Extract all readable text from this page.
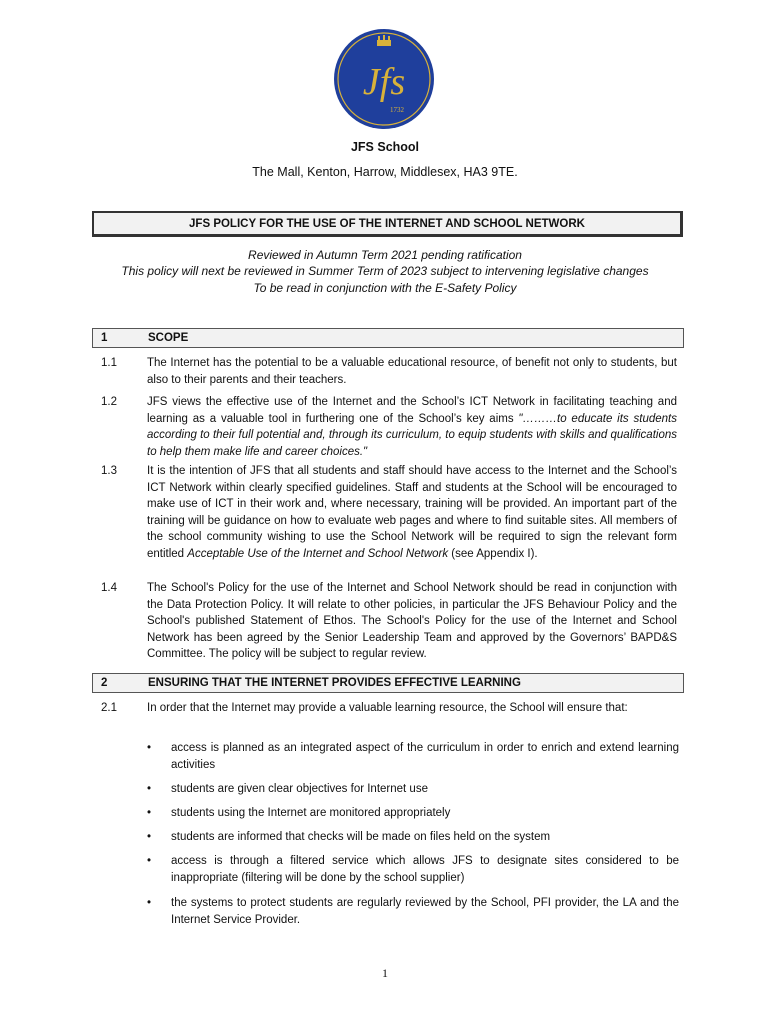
Jfs
1732
JFS School
The Mall, Kenton, Harrow, Middlesex, HA3 9TE.
JFS POLICY FOR THE USE OF THE INTERNET AND SCHOOL NETWORK
Reviewed in Autumn Term 2021 pending ratification
This policy will next be reviewed in Summer Term of 2023 subject to intervening legislative changes
To be read in conjunction with the E-Safety Policy
1	SCOPE
1.1	The Internet has the potential to be a valuable educational resource, of benefit not only to students, but also to their parents and their teachers.
1.2	JFS views the effective use of the Internet and the School’s ICT Network in facilitating teaching and learning as a valuable tool in furthering one of the School’s key aims "………to educate its students according to their full potential and, through its curriculum, to equip students with skills and qualifications to help them make life and career choices."
1.3	It is the intention of JFS that all students and staff should have access to the Internet and the School’s ICT Network within clearly specified guidelines. Staff and students at the School will be encouraged to make use of ICT in their work and, where necessary, training will be provided. An important part of the training will be guidance on how to evaluate web pages and where to find suitable sites. All members of the school community wishing to use the School Network will be required to sign the relevant form entitled Acceptable Use of the Internet and School Network (see Appendix I).
1.4	The School's Policy for the use of the Internet and School Network should be read in conjunction with the Data Protection Policy. It will relate to other policies, in particular the JFS Behaviour Policy and the School's published Statement of Ethos. The School's Policy for the use of the Internet and School Network has been agreed by the Senior Leadership Team and approved by the Governors’ BAPD&S Committee. The policy will be subject to regular review.
2	ENSURING THAT THE INTERNET PROVIDES EFFECTIVE LEARNING
2.1	In order that the Internet may provide a valuable learning resource, the School will ensure that:
• access is planned as an integrated aspect of the curriculum in order to enrich and extend learning activities
• students are given clear objectives for Internet use
• students using the Internet are monitored appropriately
• students are informed that checks will be made on files held on the system
• access is through a filtered service which allows JFS to designate sites considered to be inappropriate (filtering will be done by the school supplier)
• the systems to protect students are regularly reviewed by the School, PFI provider, the LA and the Internet Service Provider.
1
